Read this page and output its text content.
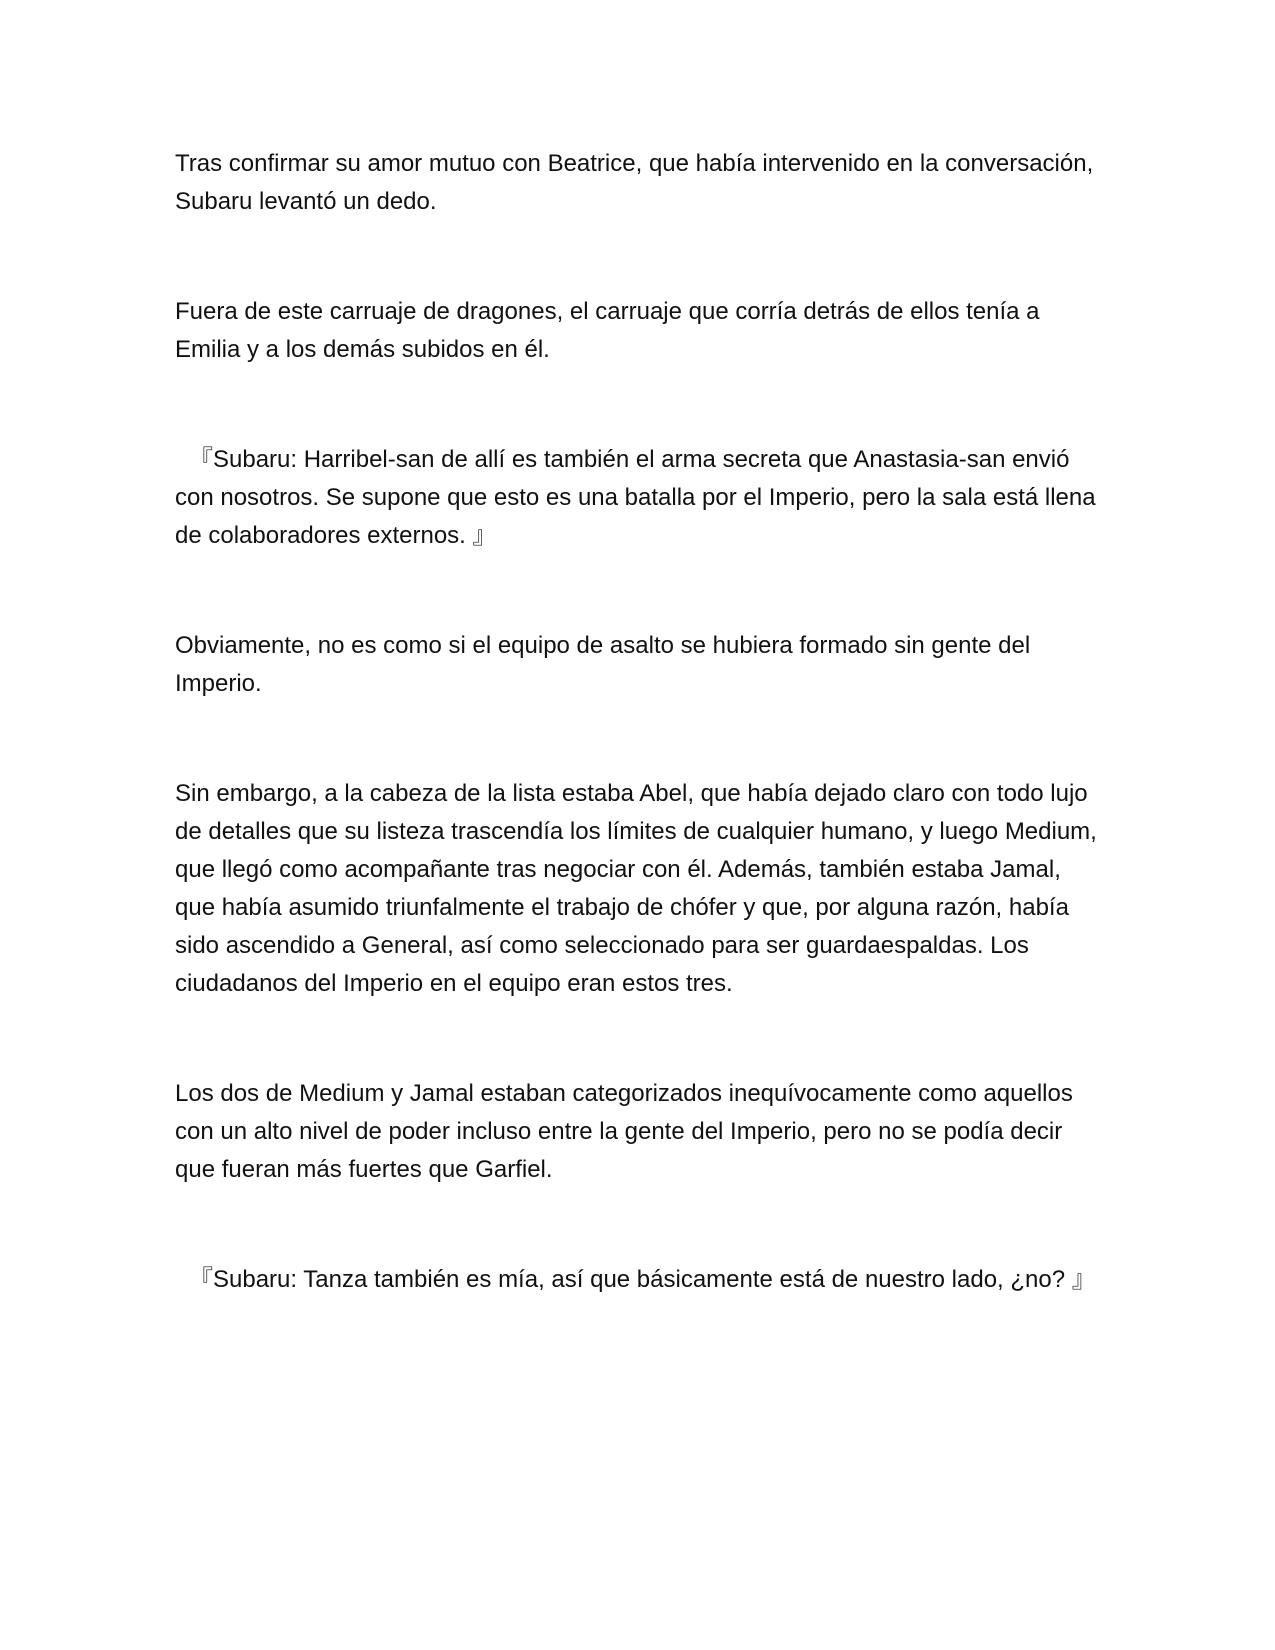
Tras confirmar su amor mutuo con Beatrice, que había intervenido en la conversación, Subaru levantó un dedo.

Fuera de este carruaje de dragones, el carruaje que corría detrás de ellos tenía a Emilia y a los demás subidos en él.

『Subaru: Harribel-san de allí es también el arma secreta que Anastasia-san envió con nosotros. Se supone que esto es una batalla por el Imperio, pero la sala está llena de colaboradores externos. 』

Obviamente, no es como si el equipo de asalto se hubiera formado sin gente del Imperio.

Sin embargo, a la cabeza de la lista estaba Abel, que había dejado claro con todo lujo de detalles que su listeza trascendía los límites de cualquier humano, y luego Medium, que llegó como acompañante tras negociar con él. Además, también estaba Jamal, que había asumido triunfalmente el trabajo de chófer y que, por alguna razón, había sido ascendido a General, así como seleccionado para ser guardaespaldas. Los ciudadanos del Imperio en el equipo eran estos tres.

Los dos de Medium y Jamal estaban categorizados inequívocamente como aquellos con un alto nivel de poder incluso entre la gente del Imperio, pero no se podía decir que fueran más fuertes que Garfiel.

『Subaru: Tanza también es mía, así que básicamente está de nuestro lado, ¿no? 』
